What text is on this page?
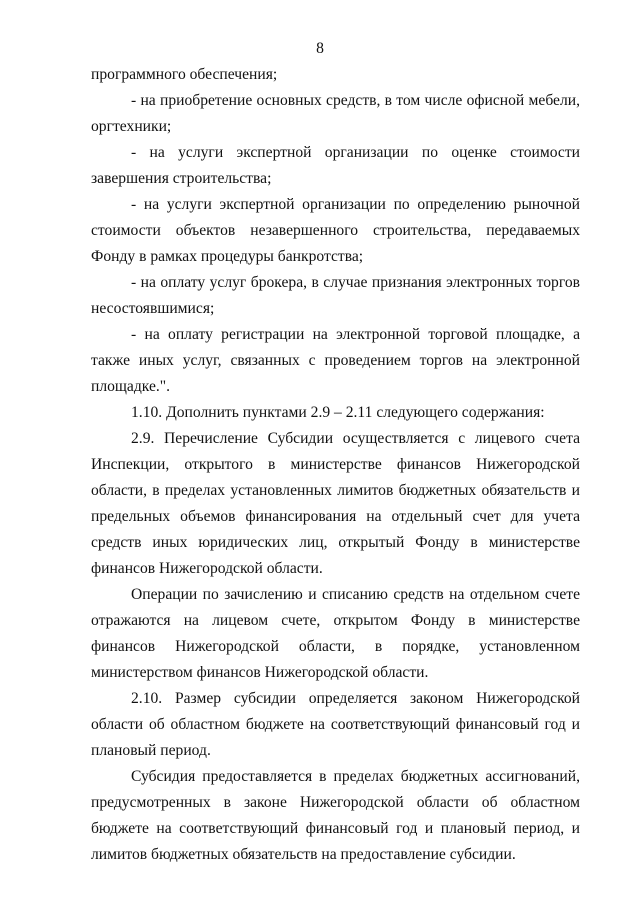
8

программного обеспечения;

- на приобретение основных средств, в том числе офисной мебели, оргтехники;

- на услуги экспертной организации по оценке стоимости завершения строительства;

- на услуги экспертной организации по определению рыночной стоимости объектов незавершенного строительства, передаваемых Фонду в рамках процедуры банкротства;

- на оплату услуг брокера, в случае признания электронных торгов несостоявшимися;

- на оплату регистрации на электронной торговой площадке, а также иных услуг, связанных с проведением торгов на электронной площадке.".

1.10. Дополнить пунктами 2.9 – 2.11 следующего содержания:

2.9. Перечисление Субсидии осуществляется с лицевого счета Инспекции, открытого в министерстве финансов Нижегородской области, в пределах установленных лимитов бюджетных обязательств и предельных объемов финансирования на отдельный счет для учета средств иных юридических лиц, открытый Фонду в министерстве финансов Нижегородской области.

Операции по зачислению и списанию средств на отдельном счете отражаются на лицевом счете, открытом Фонду в министерстве финансов Нижегородской области, в порядке, установленном министерством финансов Нижегородской области.

2.10. Размер субсидии определяется законом Нижегородской области об областном бюджете на соответствующий финансовый год и плановый период.

Субсидия предоставляется в пределах бюджетных ассигнований, предусмотренных в законе Нижегородской области об областном бюджете на соответствующий финансовый год и плановый период, и лимитов бюджетных обязательств на предоставление субсидии.
